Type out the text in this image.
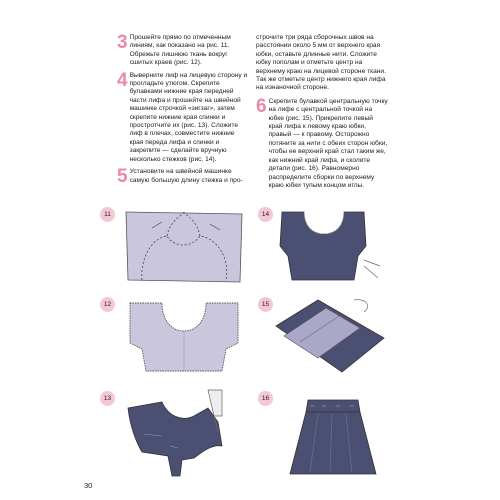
3 Прошейте прямо по отмеченным линиям, как показано на рис. 11. Обрежьте лишнюю ткань вокруг сшитых краев (рис. 12).
4 Выверните лиф на лицевую сторону и прогладьте утюгом. Скрепите булавками нижние края передней части лифа и прошейте на швейной машинке строчкой «зигзаг», затем скрепите нижние края спинки и простротчите их (рис. 13). Сложите лиф в плечах, совместите нижние края переда лифа и спинки и закрепите — сделайте вручную несколько стежков (рис. 14).
5 Установите на швейной машинке самую большую длину стежка и про-

строчите три ряда сборочных швов на расстоянии около 5 мм от верхнего края юбки, оставьте длинные нити. Сложите юбку пополам и отметьте центр на верхнему краю на лицевой стороне ткани. Так же отметьте центр нижнего края лифа на изнаночной стороне.

6 Скрепите булавкой центральную точку на лифе с центральной точкой на юбке (рис. 15). Прикрепите левый край лифа к левому краю юбки, правый — к правому. Осторожно потяните за нити с обеих сторон юбки, чтобы ее верхний край стал таким же, как нижний край лифа, и сколите детали (рис. 16). Равномерно распределите сборки по верхнему краю юбки тупым концом иглы.
11
12
13
14
15
16
30
